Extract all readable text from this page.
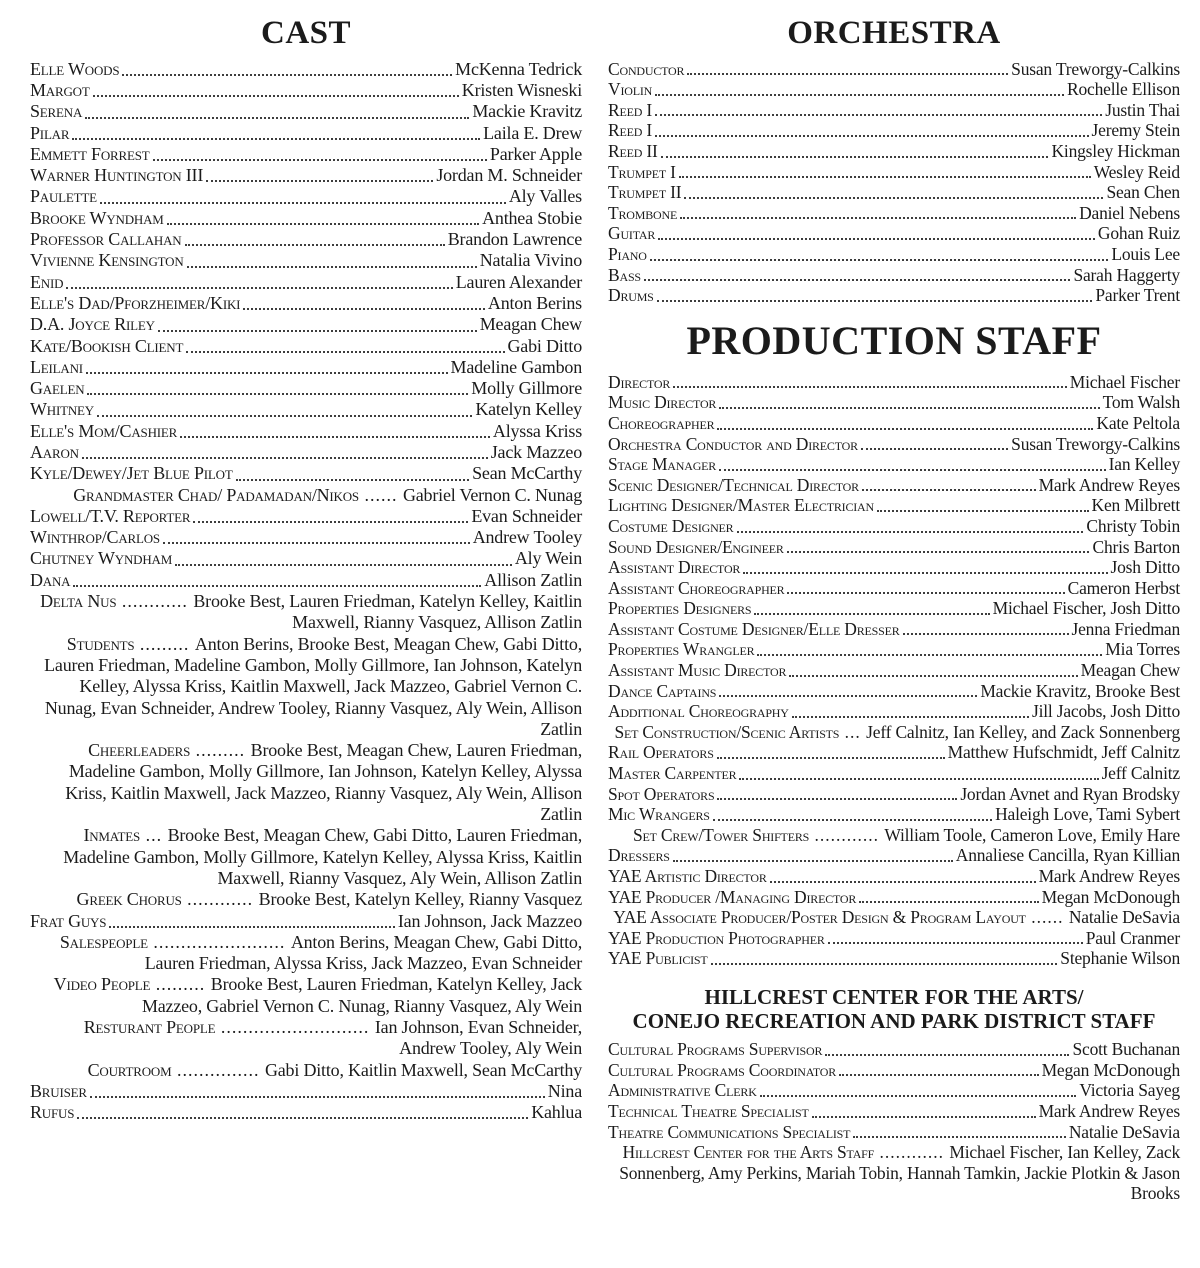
CAST
Elle Woods	McKenna Tedrick
Margot	Kristen Wisneski
Serena	Mackie Kravitz
Pilar	Laila E. Drew
Emmett Forrest	Parker Apple
Warner Huntington III	Jordan M. Schneider
Paulette	Aly Valles
Brooke Wyndham	Anthea Stobie
Professor Callahan	Brandon Lawrence
Vivienne Kensington	Natalia Vivino
Enid	Lauren Alexander
Elle's Dad/Pforzheimer/Kiki	Anton Berins
D.A. Joyce Riley	Meagan Chew
Kate/Bookish Client	Gabi Ditto
Leilani	Madeline Gambon
Gaelen	Molly Gillmore
Whitney	Katelyn Kelley
Elle's Mom/Cashier	Alyssa Kriss
Aaron	Jack Mazzeo
Kyle/Dewey/Jet Blue Pilot	Sean McCarthy
Grandmaster Chad/ Padamadan/Nikos ...... Gabriel Vernon C. Nunag
Lowell/T.V. Reporter	Evan Schneider
Winthrop/Carlos	Andrew Tooley
Chutney Wyndham	Aly Wein
Dana	Allison Zatlin
Delta Nus ............ Brooke Best, Lauren Friedman, Katelyn Kelley, Kaitlin Maxwell, Rianny Vasquez, Allison Zatlin
Students ......... Anton Berins, Brooke Best, Meagan Chew, Gabi Ditto, Lauren Friedman, Madeline Gambon, Molly Gillmore, Ian Johnson, Katelyn Kelley, Alyssa Kriss, Kaitlin Maxwell, Jack Mazzeo, Gabriel Vernon C. Nunag, Evan Schneider, Andrew Tooley, Rianny Vasquez, Aly Wein, Allison Zatlin
Cheerleaders ......... Brooke Best, Meagan Chew, Lauren Friedman, Madeline Gambon, Molly Gillmore, Ian Johnson, Katelyn Kelley, Alyssa Kriss, Kaitlin Maxwell, Jack Mazzeo, Rianny Vasquez, Aly Wein, Allison Zatlin
Inmates ... Brooke Best, Meagan Chew, Gabi Ditto, Lauren Friedman, Madeline Gambon, Molly Gillmore, Katelyn Kelley, Alyssa Kriss, Kaitlin Maxwell, Rianny Vasquez, Aly Wein, Allison Zatlin
Greek Chorus ............ Brooke Best, Katelyn Kelley, Rianny Vasquez
Frat Guys	Ian Johnson, Jack Mazzeo
Salespeople ........................ Anton Berins, Meagan Chew, Gabi Ditto, Lauren Friedman, Alyssa Kriss, Jack Mazzeo, Evan Schneider
Video People ......... Brooke Best, Lauren Friedman, Katelyn Kelley, Jack Mazzeo, Gabriel Vernon C. Nunag, Rianny Vasquez, Aly Wein
Resturant People ........................... Ian Johnson, Evan Schneider, Andrew Tooley, Aly Wein
Courtroom ............... Gabi Ditto, Kaitlin Maxwell, Sean McCarthy
Bruiser	Nina
Rufus	Kahlua
ORCHESTRA
Conductor	Susan Treworgy-Calkins
Violin	Rochelle Ellison
Reed I	Justin Thai
Reed I	Jeremy Stein
Reed II	Kingsley Hickman
Trumpet I	Wesley Reid
Trumpet II	Sean Chen
Trombone	Daniel Nebens
Guitar	Gohan Ruiz
Piano	Louis Lee
Bass	Sarah Haggerty
Drums	Parker Trent
PRODUCTION STAFF
Director	Michael Fischer
Music Director	Tom Walsh
Choreographer	Kate Peltola
Orchestra Conductor and Director	Susan Treworgy-Calkins
Stage Manager	Ian Kelley
Scenic Designer/Technical Director	Mark Andrew Reyes
Lighting Designer/Master Electrician	Ken Milbrett
Costume Designer	Christy Tobin
Sound Designer/Engineer	Chris Barton
Assistant Director	Josh Ditto
Assistant Choreographer	Cameron Herbst
Properties Designers	Michael Fischer, Josh Ditto
Assistant Costume Designer/Elle Dresser	Jenna Friedman
Properties Wrangler	Mia Torres
Assistant Music Director	Meagan Chew
Dance Captains	Mackie Kravitz, Brooke Best
Additional Choreography	Jill Jacobs, Josh Ditto
Set Construction/Scenic Artists ... Jeff Calnitz, Ian Kelley, and Zack Sonnenberg
Rail Operators	Matthew Hufschmidt, Jeff Calnitz
Master Carpenter	Jeff Calnitz
Spot Operators	Jordan Avnet and Ryan Brodsky
Mic Wrangers	Haleigh Love, Tami Sybert
Set Crew/Tower Shifters ............ William Toole, Cameron Love, Emily Hare
Dressers	Annaliese Cancilla, Ryan Killian
YAE Artistic Director	Mark Andrew Reyes
YAE Producer /Managing Director	Megan McDonough
YAE Associate Producer/Poster Design & Program Layout ...... Natalie DeSavia
YAE Production Photographer	Paul Cranmer
YAE Publicist	Stephanie Wilson
HILLCREST CENTER FOR THE ARTS/
CONEJO RECREATION AND PARK DISTRICT STAFF
Cultural Programs Supervisor	Scott Buchanan
Cultural Programs Coordinator	Megan McDonough
Administrative Clerk	Victoria Sayeg
Technical Theatre Specialist	Mark Andrew Reyes
Theatre Communications Specialist	Natalie DeSavia
Hillcrest Center for the Arts Staff ............ Michael Fischer, Ian Kelley, Zack Sonnenberg, Amy Perkins, Mariah Tobin, Hannah Tamkin, Jackie Plotkin & Jason Brooks
